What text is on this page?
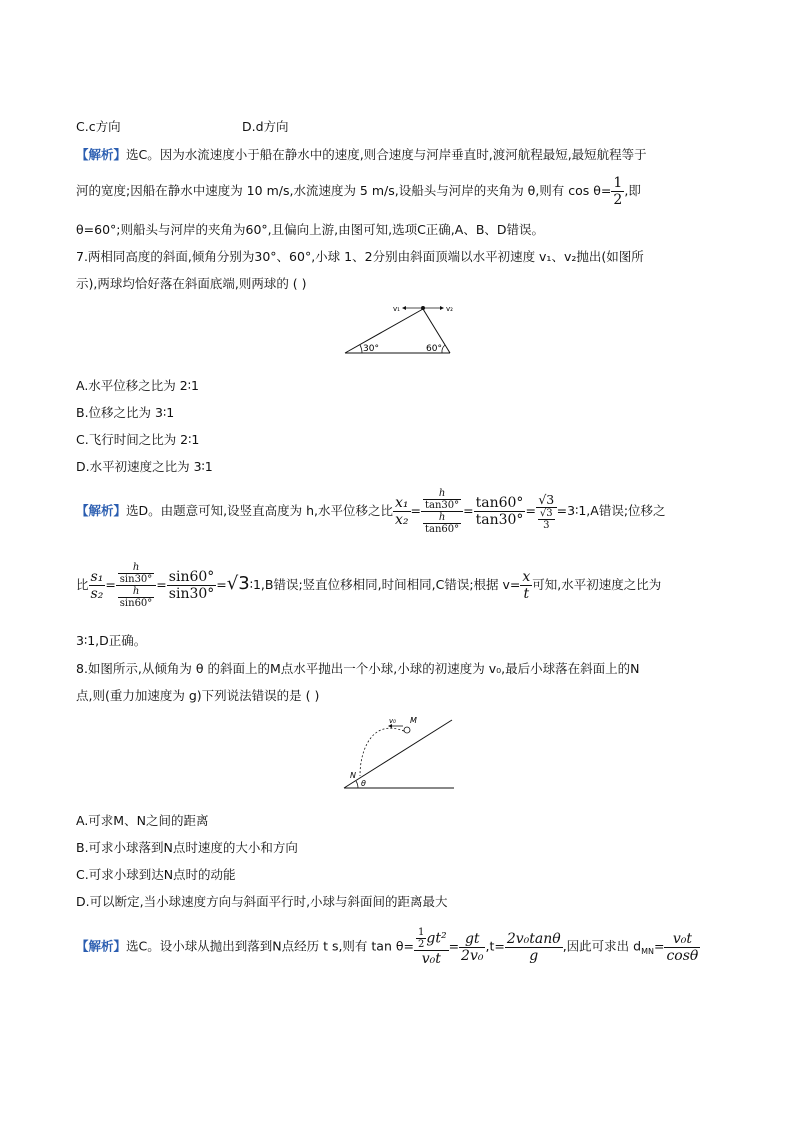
C.c方向	D.d方向
【解析】选C。因为水流速度小于船在静水中的速度,则合速度与河岸垂直时,渡河航程最短,最短航程等于
河的宽度;因船在静水中速度为 10 m/s,水流速度为 5 m/s,设船头与河岸的夹角为 θ,则有 $\cos \theta= \frac{1}{2}$ ,即
θ=60°;则船头与河岸的夹角为60°,且偏向上游,由图可知,选项C正确,A、B、D错误。
7.两相同高度的斜面,倾角分别为30°、60°,小球 1、2分别由斜面顶端以水平初速度 v₁、v₂抛出(如图所
示),两球均恰好落在斜面底端,则两球的 ( )
v₁	v₂
30°	60°
A.水平位移之比为 2∶1
B.位移之比为 3∶1
C.飞行时间之比为 2∶1
D.水平初速度之比为 3∶1
【解析】选D。由题意可知,设竖直高度为 h,水平位移之比 $\frac{\text{x₁}}{\text{x₂}} = \frac{\frac{h}{\tan 30^\circ}}{\frac{h}{\tan 60^\circ}} = \frac{\tan 60^\circ}{\tan 30^\circ} = \frac{√3}{\frac{√3}{3}}$ =3∶1,A错误;位移之
比 $\frac{\text{s₁}}{\text{s₂}} = \frac{\frac{h}{\sin 30^\circ}}{\frac{h}{\sin 60^\circ}} = \frac{\sin 60^\circ}{\sin 30^\circ}$ =√3∶1,B错误;竖直位移相同,时间相同,C错误;根据 $v= \frac{x}{t}$ 可知,水平初速度之比为
3∶1,D正确。
8.如图所示,从倾角为 θ 的斜面上的M点水平抛出一个小球,小球的初速度为 v₀,最后小球落在斜面上的N
点,则(重力加速度为 g)下列说法错误的是 ( )
v₀ M
N
θ
A.可求M、N之间的距离
B.可求小球落到N点时速度的大小和方向
C.可求小球到达N点时的动能
D.可以断定,当小球速度方向与斜面平行时,小球与斜面间的距离最大
【解析】选C。设小球从抛出到落到N点经历 t s,则有 $\tan \theta= \frac{\frac{1}{2} gt^2}{\text{v₀t}} = \frac{gt}{\text{2v₀}} ,t= \frac{\text{2v₀tanθ}}{g}$ ,因此可求出 $d_{MN}= \frac{\text{v₀t}}{\cos\theta}$
